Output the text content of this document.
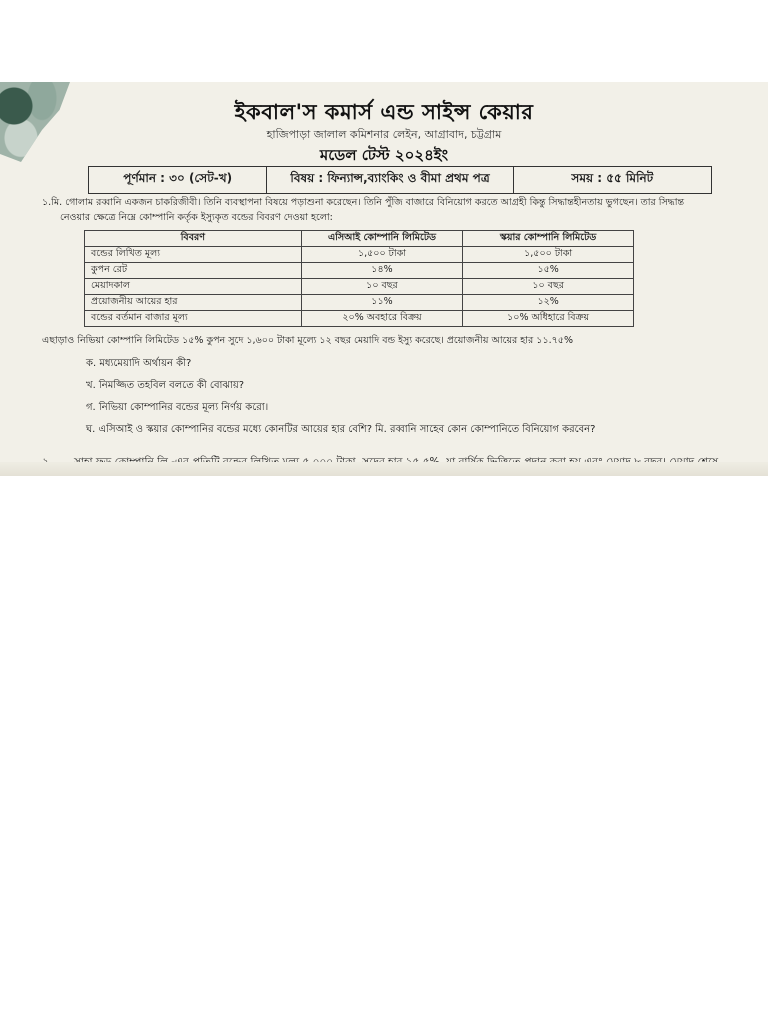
ইকবাল'স কমার্স এন্ড সাইন্স কেয়ার
হাজিপাড়া জালাল কমিশনার লেইন, আগ্রাবাদ, চট্টগ্রাম
মডেল টেস্ট ২০২৪ইং
পূর্ণমান : ৩০ (সেট-খ)	বিষয় : ফিন্যান্স,ব্যাংকিং ও বীমা প্রথম পত্র	সময় : ৫৫ মিনিট
১.মি. গোলাম রব্বানি একজন চাকরিজীবী। তিনি ব্যবস্থাপনা বিষয়ে পড়াশুনা করেছেন। তিনি পুঁজি বাজারে বিনিয়োগ করতে আগ্রহী কিন্তু সিদ্ধান্তহীনতায় ভুগছেন। তার সিদ্ধান্ত
নেওয়ার ক্ষেত্রে নিম্নে কোম্পানি কর্তৃক ইস্যুকৃত বন্ডের বিবরণ দেওয়া হলো:
বিবরণ	এসিআই কোম্পানি লিমিটেড	স্কয়ার কোম্পানি লিমিটেড
বন্ডের লিখিত মূল্য	১,৫০০ টাকা	১,৫০০ টাকা
কুপন রেট	১৪%	১৫%
মেয়াদকাল	১০ বছর	১০ বছর
প্রয়োজনীয় আয়ের হার	১১%	১২%
বন্ডের বর্তমান বাজার মূল্য	২০% অবহারে বিক্রয়	১০% অধিহারে বিক্রয়
এছাড়াও নিভিয়া কোম্পানি লিমিটেড ১৫% কুপন সুদে ১,৬০০ টাকা মূল্যে ১২ বছর মেয়াদি বন্ড ইস্যু করেছে। প্রয়োজনীয় আয়ের হার ১১.৭৫%
ক. মধ্যমেয়াদি অর্থায়ন কী?
খ. নিমজ্জিত তহবিল বলতে কী বোঝায়?
গ. নিভিয়া কোম্পানির বন্ডের মূল্য নির্ণয় করো।
ঘ. এসিআই ও স্কয়ার কোম্পানির বন্ডের মধ্যে কোনটির আয়ের হার বেশি? মি. রব্বানি সাহেব কোন কোম্পানিতে বিনিয়োগ করবেন?
